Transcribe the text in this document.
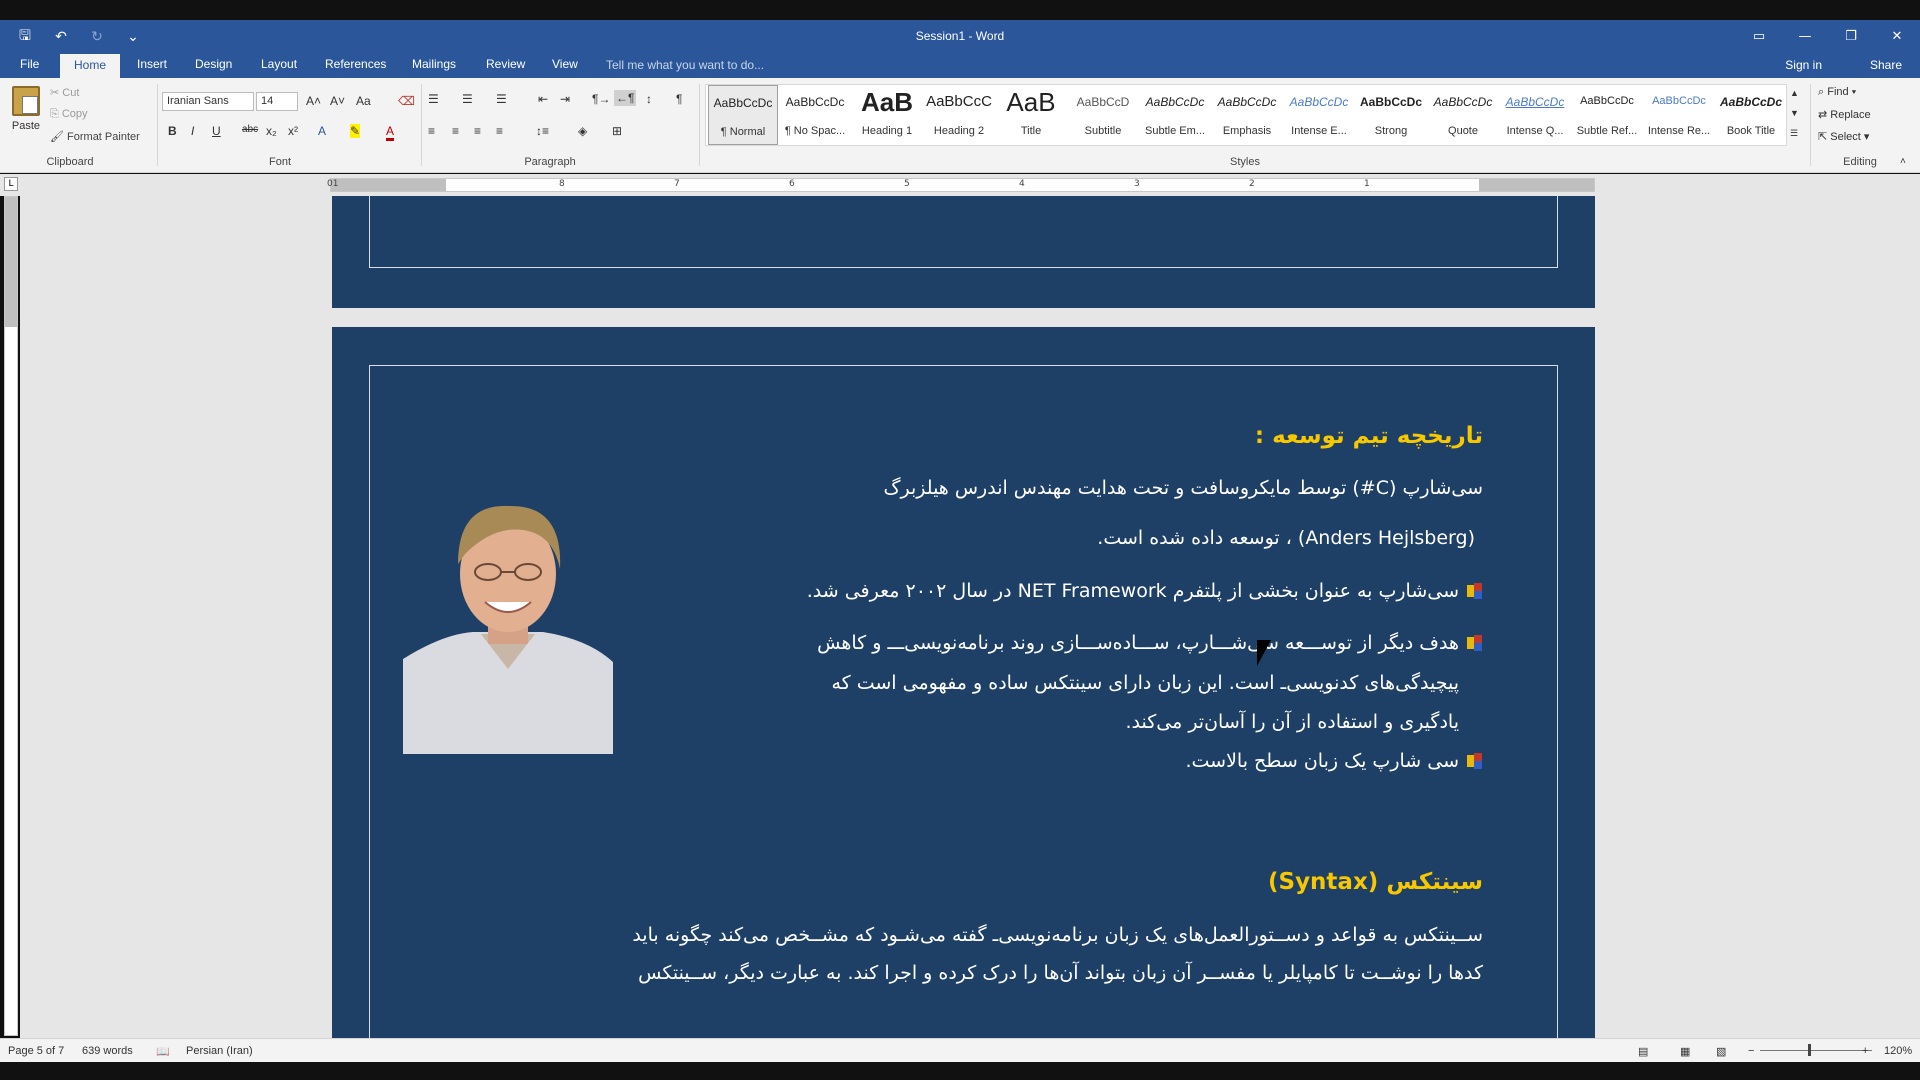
🖫	↶	↻	⌄	Session1 - Word	▭	—	❐	✕
File	Home	Insert Design Layout References Mailings Review View Tell me what you want to do...	Sign in	Share
Paste
✂ Cut
⎘ Copy
🖌 Format Painter
Clipboard
Iranian Sans	14	A˄ A˅ Aa ⌫
B I U abc x₂ x² A ✎ A
Font
☰ ☰ ☰	⇤ ⇥ ¶→ ←¶ ↕ ¶
≡ ≡ ≡ ≡	↕≡ ◈ ⊞
Paragraph
AaBbCcDc
¶ Normal
AaBbCcDc
¶ No Spac...
AaB
Heading 1
AaBbCcC
Heading 2
AaB
Title
AaBbCcD
Subtitle
AaBbCcDc
Subtle Em...
AaBbCcDc
Emphasis
AaBbCcDc
Intense E...
AaBbCcDc
Strong
AaBbCcDc
Quote
AaBbCcDc
Intense Q...
AaBbCcDc
Subtle Ref...
AaBbCcDc
Intense Re...
AaBbCcDc
Book Title
▲
▼
☰
Styles
⌕ Find ▾
⇄ Replace
⇱ Select ▾
Editing	˄
L	01	8	7	6	5	4	3	2	1
تاریخچه تیم توسعه :
سی‌شارپ (C#) توسط مایکروسافت و تحت هدایت مهندس اندرس هیلزبرگ
(Anders Hejlsberg) ، توسعه داده شده است.
سی‌شارپ به عنوان بخشی از پلتفرم NET Framework در سال ۲۰۰۲ معرفی شد.
هدف دیگر از توســـعه سی‌شـــارپ، ســـاده‌ســـازی روند برنامه‌نویسی‌ـــ و کاهش
پیچیدگی‌های کدنویسی‌ـ است. این زبان دارای سینتکس ساده و مفهومی است که
یادگیری و استفاده از آن را آسان‌تر می‌کند.
سی شارپ یک زبان سطح بالاست.
سینتکس (Syntax)
ســینتکس به قواعد و دســتورالعمل‌های یک زبان برنامه‌نویسی‌ـ گفته می‌شـود که مشــخص می‌کند چگونه باید
کدها را نوشــت تا کامپایلر یا مفســر آن زبان بتواند آن‌ها را درک کرده و اجرا کند. به عبارت دیگر، ســینتکس
Page 5 of 7 639 words 📖 Persian (Iran)	▤	▦ ▧ −	+ 120%
